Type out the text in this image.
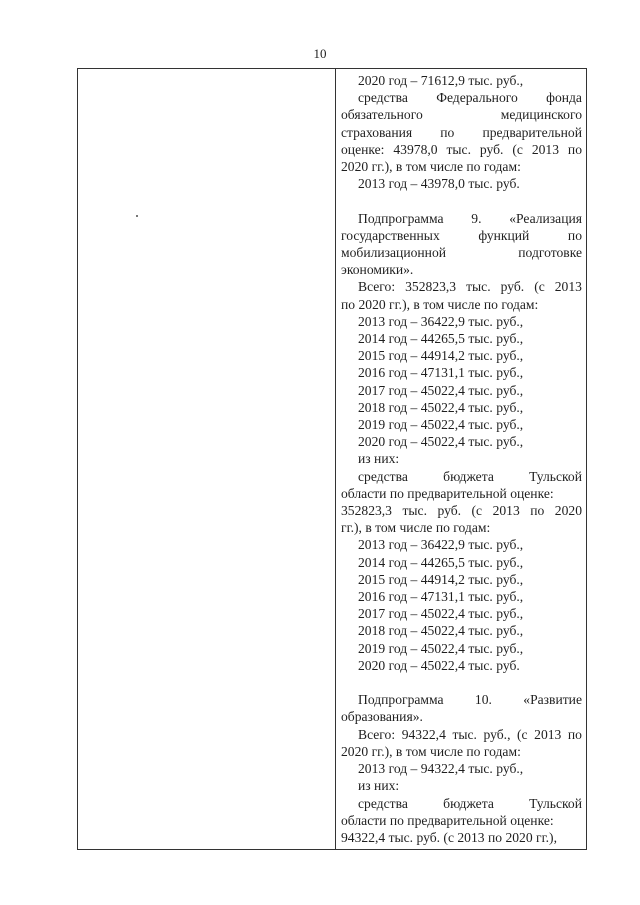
10
2020 год – 71612,9 тыс. руб.,
средства Федерального фонда
обязательного	медицинского
страхования по предварительной
оценке: 43978,0 тыс. руб. (с 2013 по
2020 гг.), в том числе по годам:
2013 год – 43978,0 тыс. руб.
Подпрограмма 9. «Реализация
государственных	функций	по
мобилизационной	подготовке
экономики».
Всего: 352823,3 тыс. руб. (с 2013
по 2020 гг.), в том числе по годам:
2013 год – 36422,9 тыс. руб.,
2014 год – 44265,5 тыс. руб.,
2015 год – 44914,2 тыс. руб.,
2016 год – 47131,1 тыс. руб.,
2017 год – 45022,4 тыс. руб.,
2018 год – 45022,4 тыс. руб.,
2019 год – 45022,4 тыс. руб.,
2020 год – 45022,4 тыс. руб.,
из них:
средства	бюджета	Тульской
области по предварительной оценке:
352823,3 тыс. руб. (с 2013 по 2020
гг.), в том числе по годам:
2013 год – 36422,9 тыс. руб.,
2014 год – 44265,5 тыс. руб.,
2015 год – 44914,2 тыс. руб.,
2016 год – 47131,1 тыс. руб.,
2017 год – 45022,4 тыс. руб.,
2018 год – 45022,4 тыс. руб.,
2019 год – 45022,4 тыс. руб.,
2020 год – 45022,4 тыс. руб.
Подпрограмма 10. «Развитие
образования».
Всего: 94322,4 тыс. руб., (с 2013 по
2020 гг.), в том числе по годам:
2013 год – 94322,4 тыс. руб.,
из них:
средства	бюджета	Тульской
области по предварительной оценке:
94322,4 тыс. руб. (с 2013 по 2020 гг.),
